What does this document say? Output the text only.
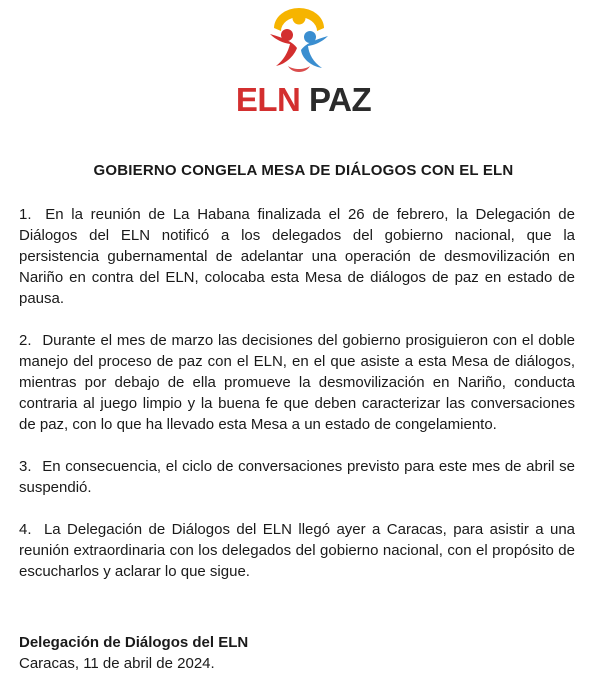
ELN PAZ
GOBIERNO CONGELA MESA DE DIÁLOGOS CON EL ELN

1. En la reunión de La Habana finalizada el 26 de febrero, la Delegación de Diálogos del ELN notificó a los delegados del gobierno nacional, que la persistencia gubernamental de adelantar una operación de desmovilización en Nariño en contra del ELN, colocaba esta Mesa de diálogos de paz en estado de pausa.

2. Durante el mes de marzo las decisiones del gobierno prosiguieron con el doble manejo del proceso de paz con el ELN, en el que asiste a esta Mesa de diálogos, mientras por debajo de ella promueve la desmovilización en Nariño, conducta contraria al juego limpio y la buena fe que deben caracterizar las conversaciones de paz, con lo que ha llevado esta Mesa a un estado de congelamiento.

3. En consecuencia, el ciclo de conversaciones previsto para este mes de abril se suspendió.

4. La Delegación de Diálogos del ELN llegó ayer a Caracas, para asistir a una reunión extraordinaria con los delegados del gobierno nacional, con el propósito de escucharlos y aclarar lo que sigue.

Delegación de Diálogos del ELN
Caracas, 11 de abril de 2024.
